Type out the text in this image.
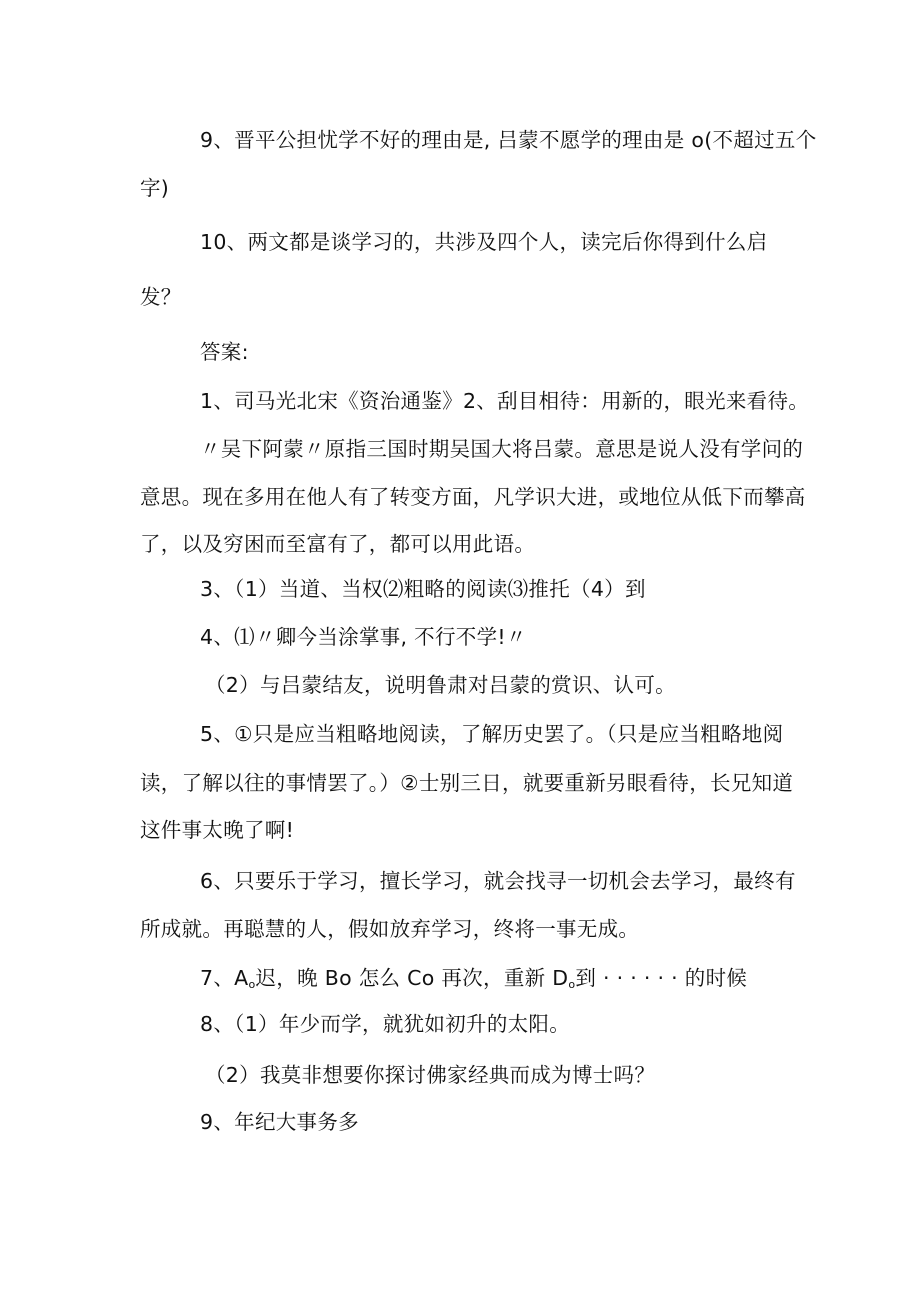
9、晋平公担忧学不好的理由是, 吕蒙不愿学的理由是 o(不超过五个
字)
10、两文都是谈学习的，共涉及四个人，读完后你得到什么启
发？
答案:
1、司马光北宋《资治通鉴》2、刮目相待：用新的，眼光来看待。
〃吴下阿蒙〃原指三国时期吴国大将吕蒙。意思是说人没有学问的
意思。现在多用在他人有了转变方面，凡学识大进，或地位从低下而攀高
了，以及穷困而至富有了，都可以用此语。
3、（1）当道、当权⑵粗略的阅读⑶推托（4）到
4、⑴〃卿今当涂掌事, 不行不学!〃
（2）与吕蒙结友，说明鲁肃对吕蒙的赏识、认可。
5、①只是应当粗略地阅读，了解历史罢了。（只是应当粗略地阅
读，了解以往的事情罢了。）②士别三日，就要重新另眼看待，长兄知道
这件事太晚了啊!
6、只要乐于学习，擅长学习，就会找寻一切机会去学习，最终有
所成就。再聪慧的人，假如放弃学习，终将一事无成。
7、$A_o$迟，晚 Bo 怎么 Co 再次，重新 $D_o$到 · · · · · · 的时候
8、（1）年少而学，就犹如初升的太阳。
（2）我莫非想要你探讨佛家经典而成为博士吗？
9、年纪大事务多
